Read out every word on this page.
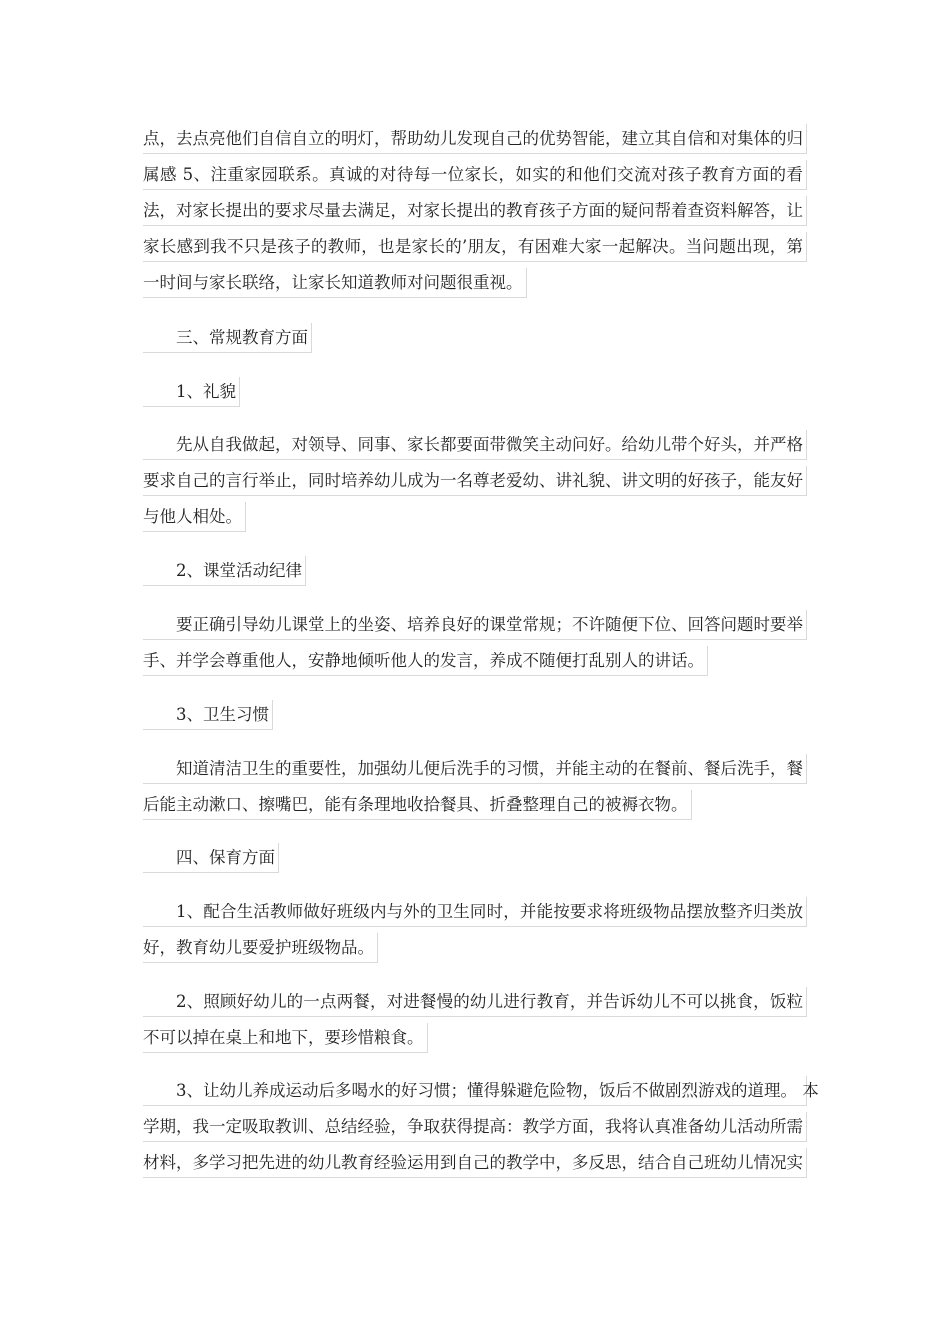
点，去点亮他们自信自立的明灯，帮助幼儿发现自己的优势智能，建立其自信和对集体的归
属感 5、注重家园联系。真诚的对待每一位家长，如实的和他们交流对孩子教育方面的看
法，对家长提出的要求尽量去满足，对家长提出的教育孩子方面的疑问帮着查资料解答，让
家长感到我不只是孩子的教师，也是家长的’朋友，有困难大家一起解决。当问题出现，第
一时间与家长联络，让家长知道教师对问题很重视。
三、常规教育方面
1、礼貌
先从自我做起，对领导、同事、家长都要面带微笑主动问好。给幼儿带个好头，并严格
要求自己的言行举止，同时培养幼儿成为一名尊老爱幼、讲礼貌、讲文明的好孩子，能友好
与他人相处。
2、课堂活动纪律
要正确引导幼儿课堂上的坐姿、培养良好的课堂常规；不许随便下位、回答问题时要举
手、并学会尊重他人，安静地倾听他人的发言，养成不随便打乱别人的讲话。
3、卫生习惯
知道清洁卫生的重要性，加强幼儿便后洗手的习惯，并能主动的在餐前、餐后洗手，餐
后能主动漱口、擦嘴巴，能有条理地收拾餐具、折叠整理自己的被褥衣物。
四、保育方面
1、配合生活教师做好班级内与外的卫生同时，并能按要求将班级物品摆放整齐归类放
好，教育幼儿要爱护班级物品。
2、照顾好幼儿的一点两餐，对进餐慢的幼儿进行教育，并告诉幼儿不可以挑食，饭粒
不可以掉在桌上和地下，要珍惜粮食。
3、让幼儿养成运动后多喝水的好习惯；懂得躲避危险物，饭后不做剧烈游戏的道理。 本
学期，我一定吸取教训、总结经验，争取获得提高：教学方面，我将认真准备幼儿活动所需
材料，多学习把先进的幼儿教育经验运用到自己的教学中，多反思，结合自己班幼儿情况实
